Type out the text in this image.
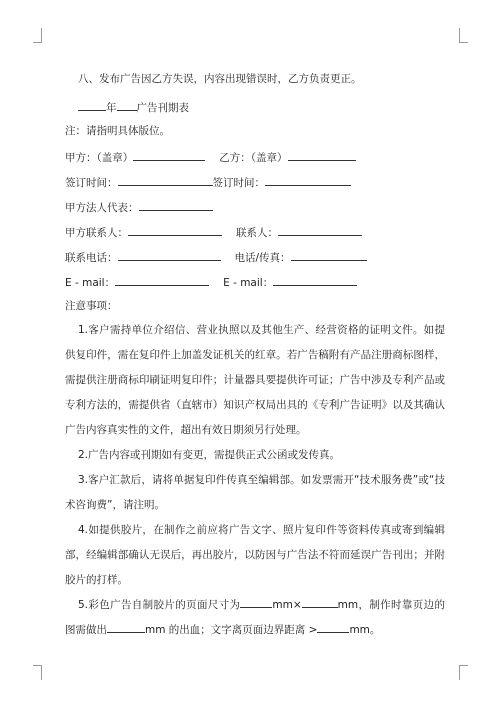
八、发布广告因乙方失误，内容出现错误时，乙方负责更正。
年 广告刊期表
注：请指明具体版位。
甲方：（盖章）	乙方：（盖章）
签订时间：	签订时间：
甲方法人代表：
甲方联系人：	联系人：
联系电话：	电话/传真：
E - mail：	E - mail：
注意事项：
1.客户需持单位介绍信、营业执照以及其他生产、经营资格的证明文件。如提供复印件，需在复印件上加盖发证机关的红章。若广告稿附有产品注册商标图样，需提供注册商标印刷证明复印件；计量器具要提供许可证；广告中涉及专利产品或专利方法的，需提供省（直辖市）知识产权局出具的《专利广告证明》以及其确认广告内容真实性的文件，超出有效日期须另行处理。
2.广告内容或刊期如有变更，需提供正式公函或发传真。
3.客户汇款后，请将单据复印件传真至编辑部。如发票需开“技术服务费”或“技术咨询费”，请注明。
4.如提供胶片，在制作之前应将广告文字、照片复印件等资料传真或寄到编辑部，经编辑部确认无误后，再出胶片，以防因与广告法不符而延误广告刊出；并附胶片的打样。
5.彩色广告自制胶片的页面尺寸为	mm×	mm，制作时靠页边的图需做出	mm 的出血；文字离页面边界距离 >	mm。
